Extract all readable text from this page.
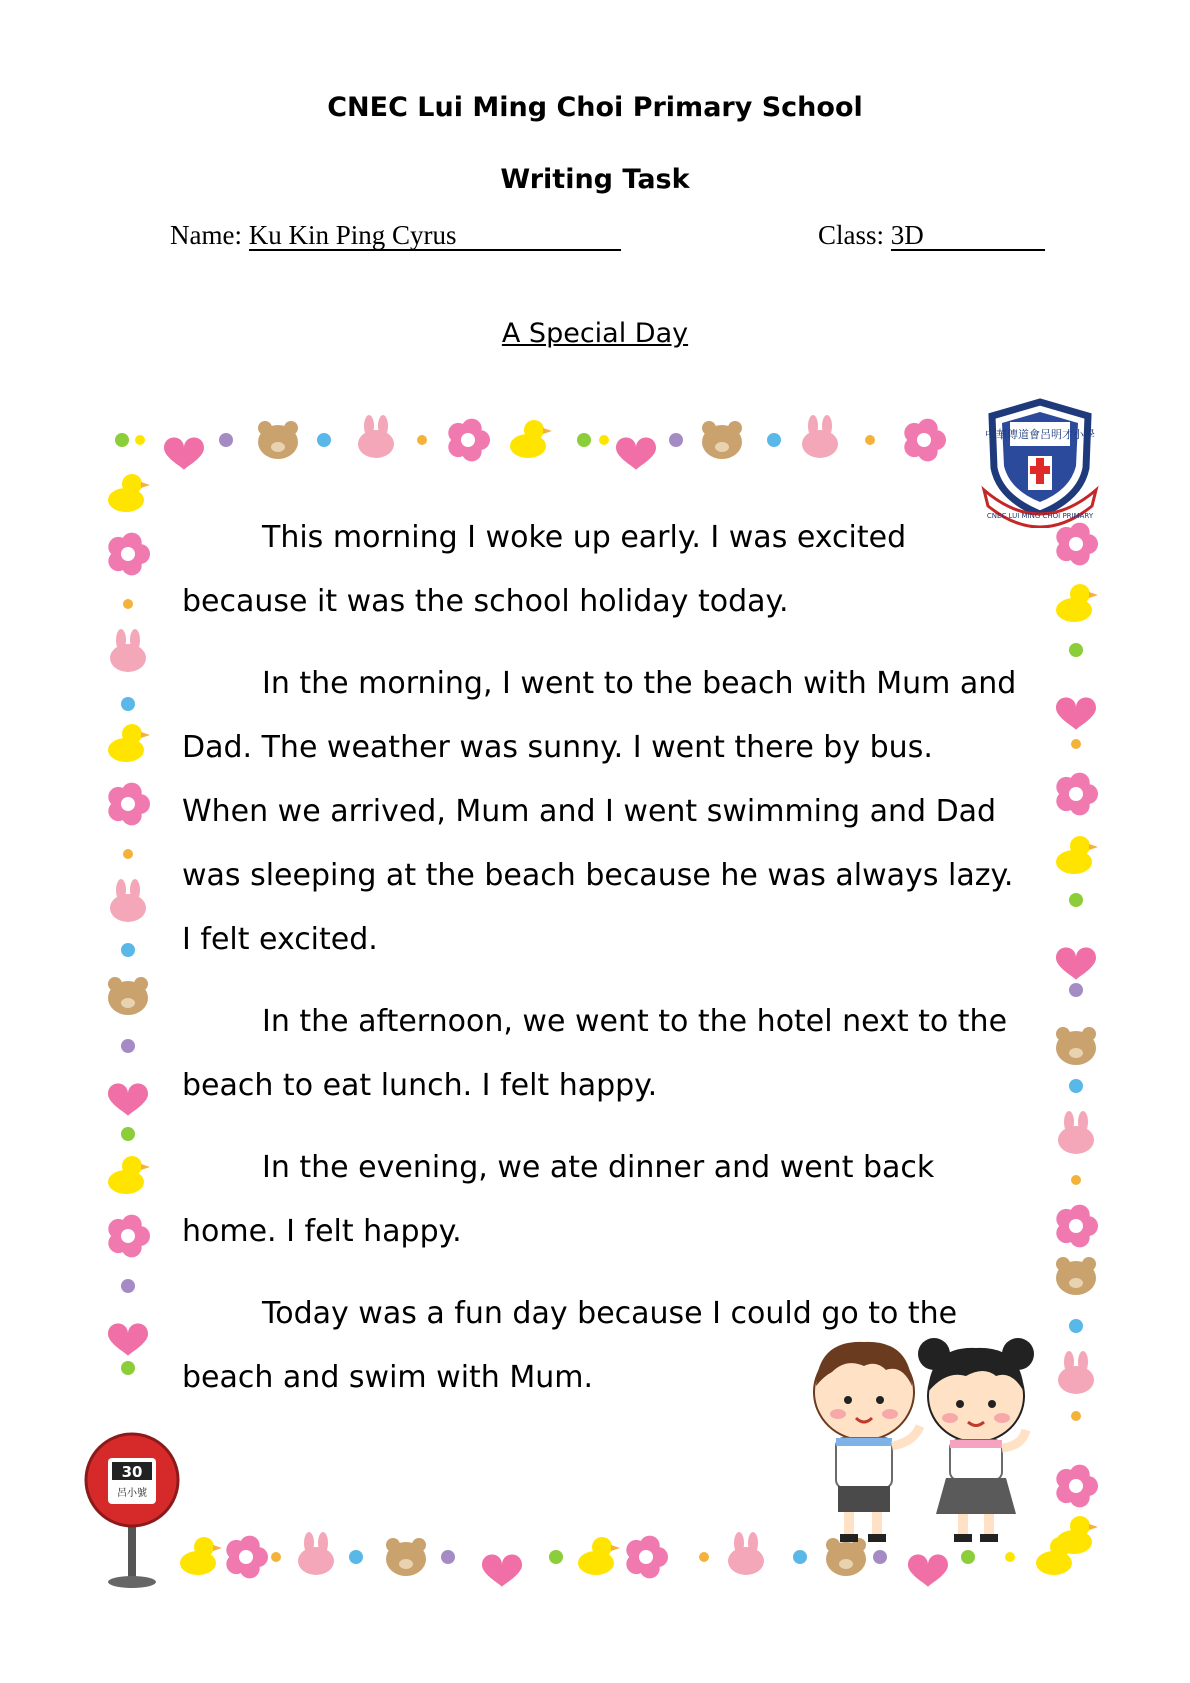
CNEC Lui Ming Choi Primary School
Writing Task
Name: Ku Kin Ping Cyrus	Class: 3D
A Special Day

This morning I woke up early. I was excited because it was the school holiday today.

In the morning, I went to the beach with Mum and Dad. The weather was sunny. I went there by bus. When we arrived, Mum and I went swimming and Dad was sleeping at the beach because he was always lazy. I felt excited.

In the afternoon, we went to the hotel next to the beach to eat lunch. I felt happy.

In the evening, we ate dinner and went back home. I felt happy.

Today was a fun day because I could go to the beach and swim with Mum.

中華傳道會呂明才小學
CNEC LUI MING CHOI PRIMARY
30
呂小號
